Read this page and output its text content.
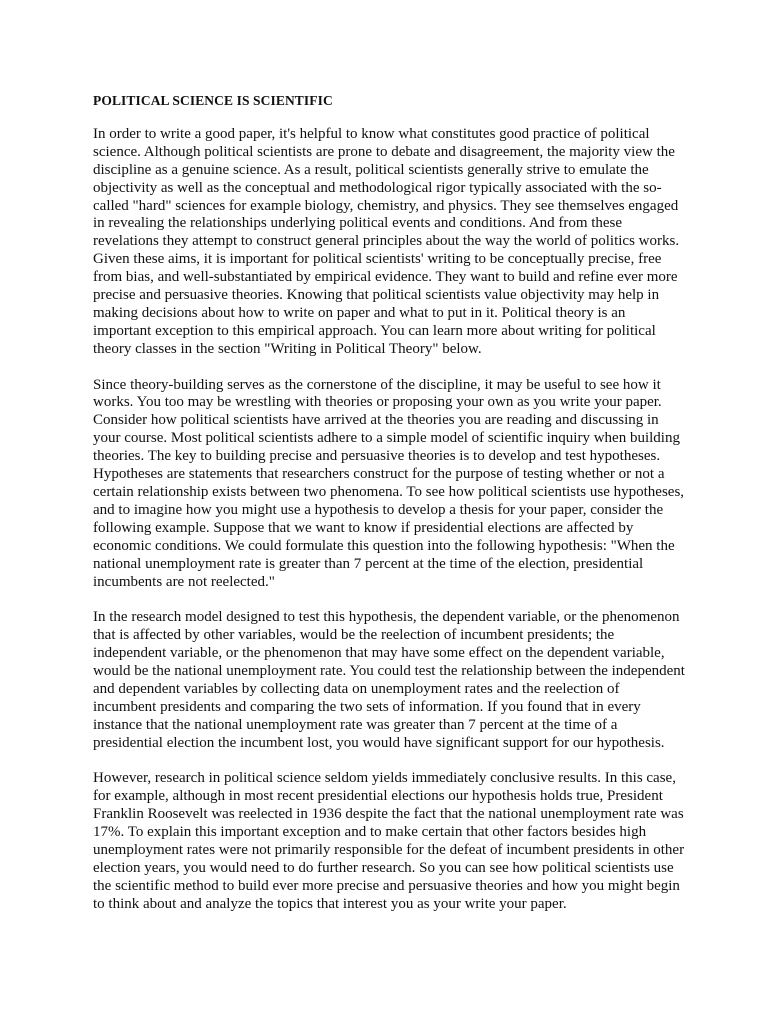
POLITICAL SCIENCE IS SCIENTIFIC

In order to write a good paper, it's helpful to know what constitutes good practice of political science. Although political scientists are prone to debate and disagreement, the majority view the discipline as a genuine science. As a result, political scientists generally strive to emulate the objectivity as well as the conceptual and methodological rigor typically associated with the so-called "hard" sciences for example biology, chemistry, and physics. They see themselves engaged in revealing the relationships underlying political events and conditions. And from these revelations they attempt to construct general principles about the way the world of politics works. Given these aims, it is important for political scientists' writing to be conceptually precise, free from bias, and well-substantiated by empirical evidence. They want to build and refine ever more precise and persuasive theories. Knowing that political scientists value objectivity may help in making decisions about how to write on paper and what to put in it. Political theory is an important exception to this empirical approach. You can learn more about writing for political theory classes in the section "Writing in Political Theory" below.

Since theory-building serves as the cornerstone of the discipline, it may be useful to see how it works. You too may be wrestling with theories or proposing your own as you write your paper. Consider how political scientists have arrived at the theories you are reading and discussing in your course. Most political scientists adhere to a simple model of scientific inquiry when building theories. The key to building precise and persuasive theories is to develop and test hypotheses. Hypotheses are statements that researchers construct for the purpose of testing whether or not a certain relationship exists between two phenomena. To see how political scientists use hypotheses, and to imagine how you might use a hypothesis to develop a thesis for your paper, consider the following example. Suppose that we want to know if presidential elections are affected by economic conditions. We could formulate this question into the following hypothesis: "When the national unemployment rate is greater than 7 percent at the time of the election, presidential incumbents are not reelected."

In the research model designed to test this hypothesis, the dependent variable, or the phenomenon that is affected by other variables, would be the reelection of incumbent presidents; the independent variable, or the phenomenon that may have some effect on the dependent variable, would be the national unemployment rate. You could test the relationship between the independent and dependent variables by collecting data on unemployment rates and the reelection of incumbent presidents and comparing the two sets of information. If you found that in every instance that the national unemployment rate was greater than 7 percent at the time of a presidential election the incumbent lost, you would have significant support for our hypothesis.

However, research in political science seldom yields immediately conclusive results. In this case, for example, although in most recent presidential elections our hypothesis holds true, President Franklin Roosevelt was reelected in 1936 despite the fact that the national unemployment rate was 17%. To explain this important exception and to make certain that other factors besides high unemployment rates were not primarily responsible for the defeat of incumbent presidents in other election years, you would need to do further research. So you can see how political scientists use the scientific method to build ever more precise and persuasive theories and how you might begin to think about and analyze the topics that interest you as your write your paper.
